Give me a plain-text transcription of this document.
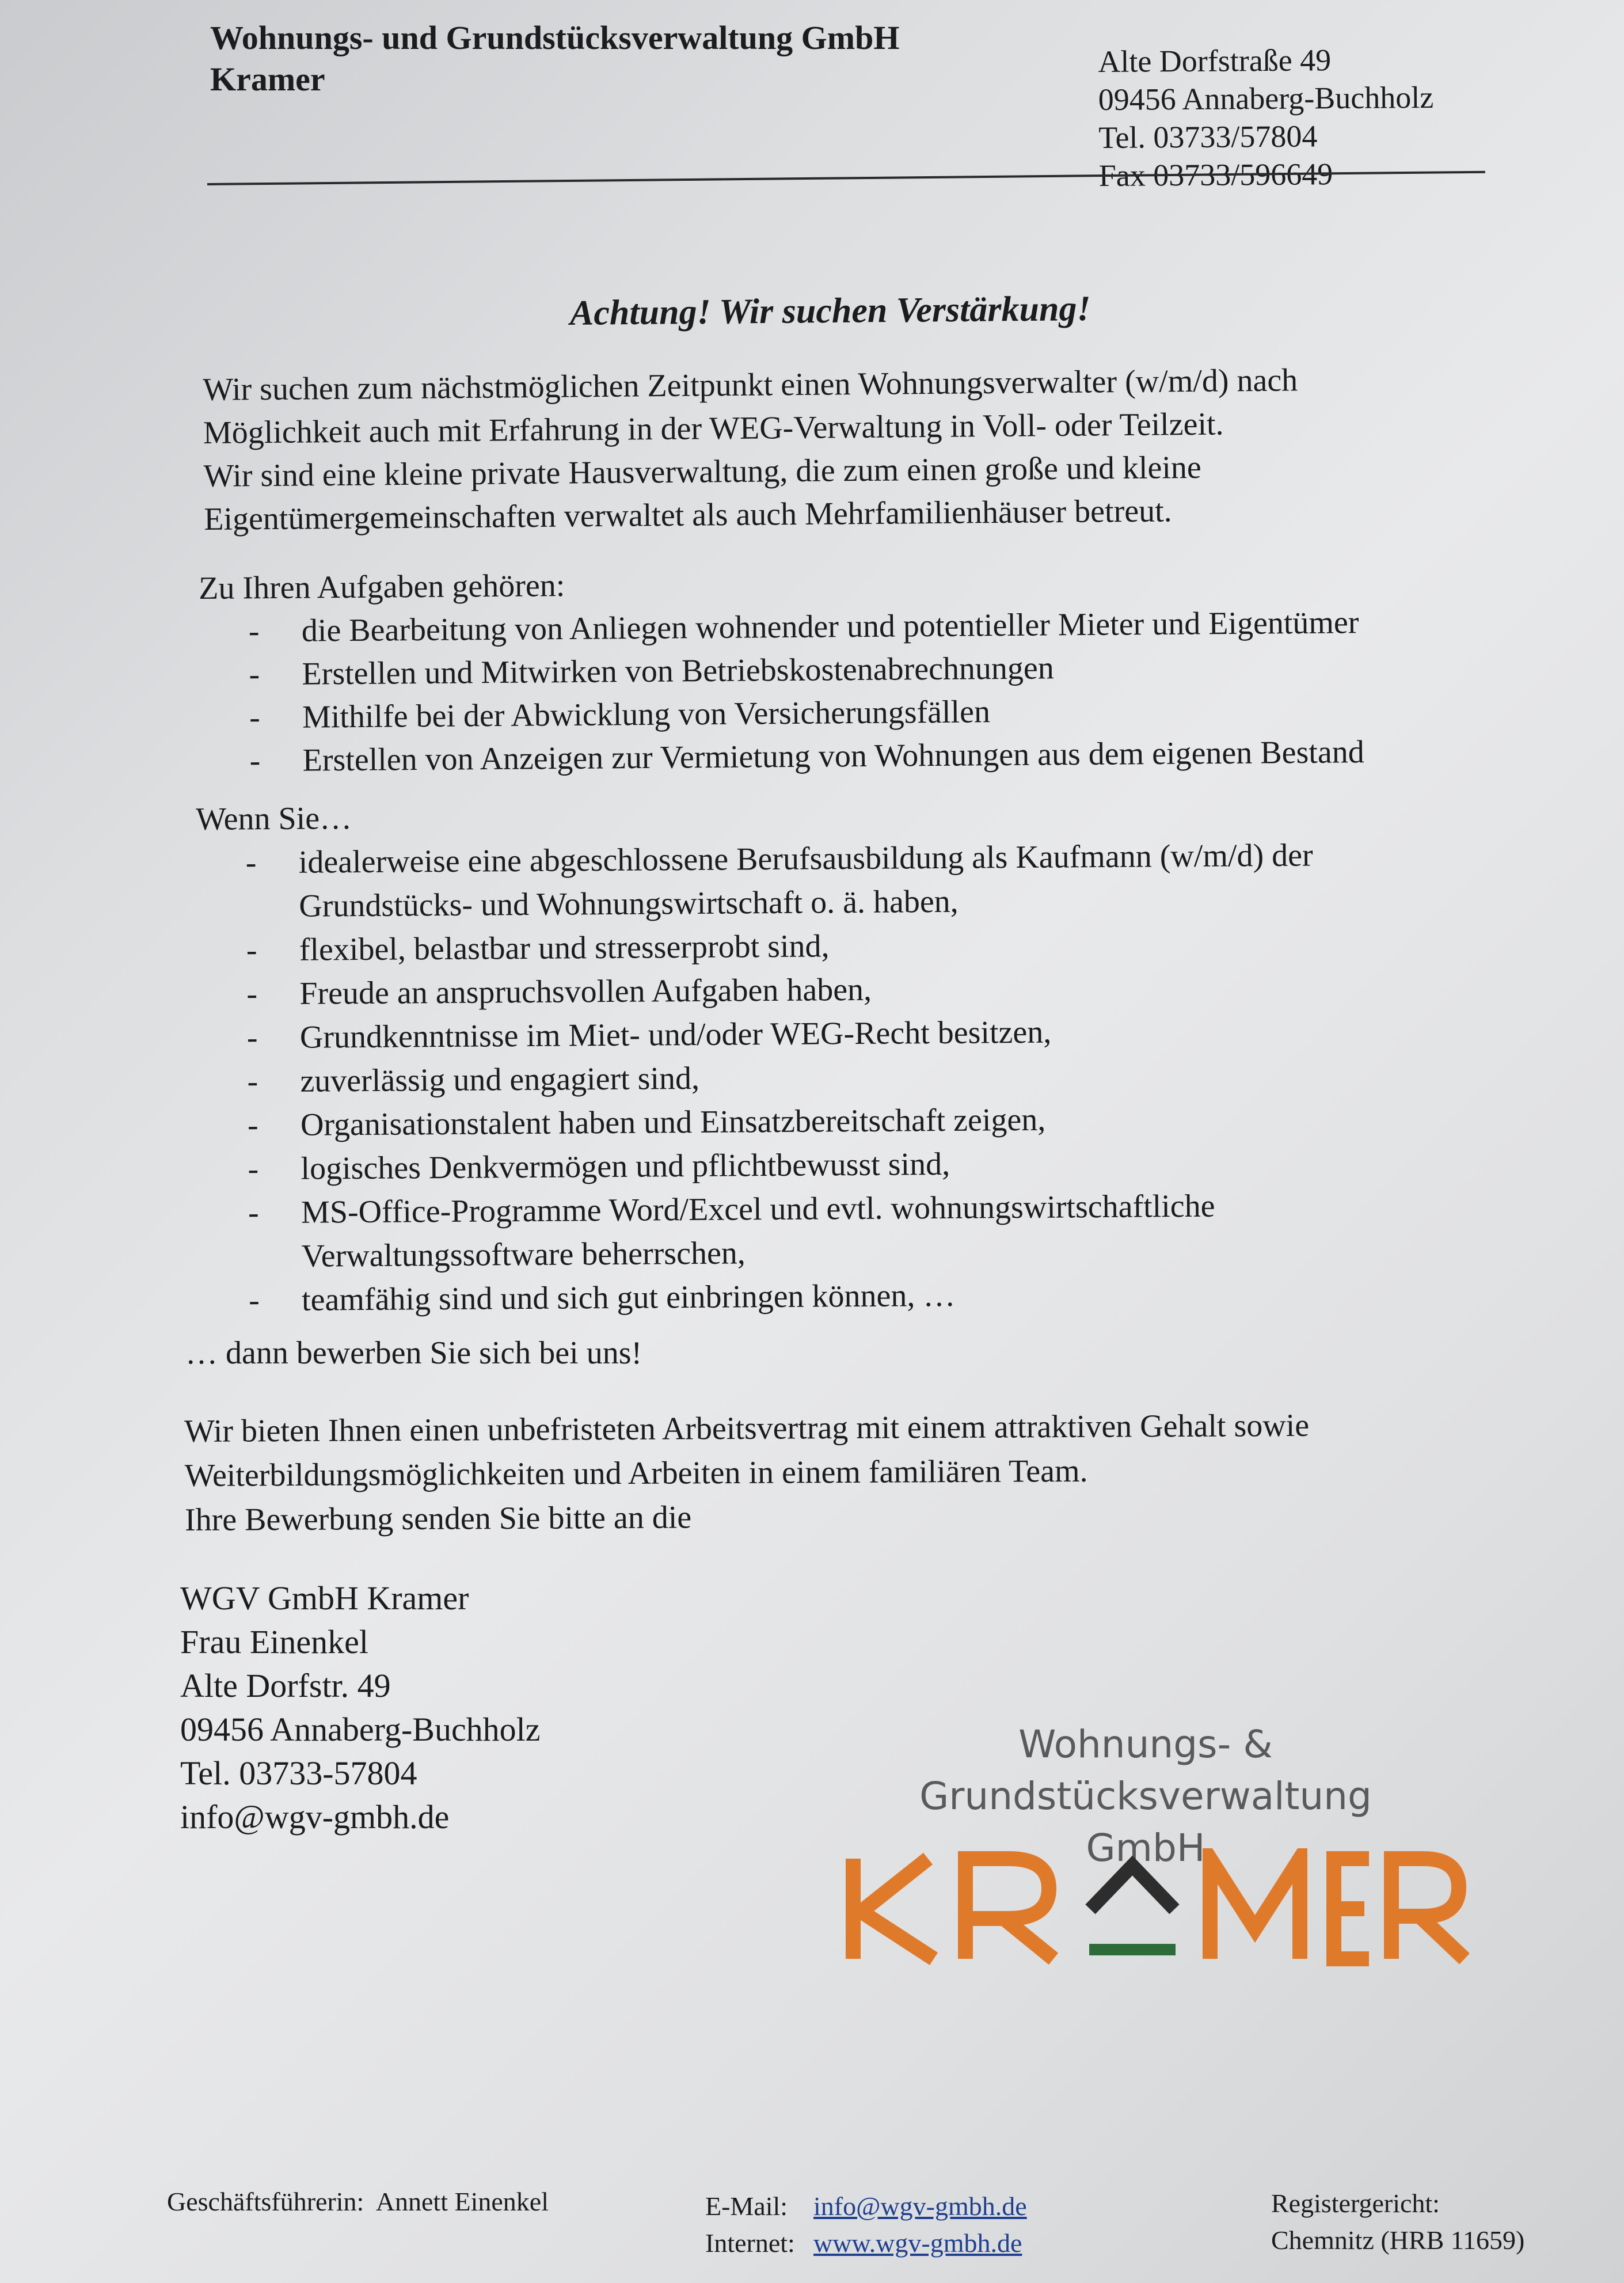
Wohnungs- und Grundstücksverwaltung GmbH
Kramer	Alte Dorfstraße 49
09456 Annaberg-Buchholz
Tel. 03733/57804
Fax 03733/596649
Achtung! Wir suchen Verstärkung!

Wir suchen zum nächstmöglichen Zeitpunkt einen Wohnungsverwalter (w/m/d) nach

Möglichkeit auch mit Erfahrung in der WEG-Verwaltung in Voll- oder Teilzeit.

Wir sind eine kleine private Hausverwaltung, die zum einen große und kleine

Eigentümergemeinschaften verwaltet als auch Mehrfamilienhäuser betreut.

Zu Ihren Aufgaben gehören:

- die Bearbeitung von Anliegen wohnender und potentieller Mieter und Eigentümer
- Erstellen und Mitwirken von Betriebskostenabrechnungen
- Mithilfe bei der Abwicklung von Versicherungsfällen
- Erstellen von Anzeigen zur Vermietung von Wohnungen aus dem eigenen Bestand

Wenn Sie…

- idealerweise eine abgeschlossene Berufsausbildung als Kaufmann (w/m/d) der
Grundstücks- und Wohnungswirtschaft o. ä. haben,
- flexibel, belastbar und stresserprobt sind,
- Freude an anspruchsvollen Aufgaben haben,
- Grundkenntnisse im Miet- und/oder WEG-Recht besitzen,
- zuverlässig und engagiert sind,
- Organisationstalent haben und Einsatzbereitschaft zeigen,
- logisches Denkvermögen und pflichtbewusst sind,
- MS-Office-Programme Word/Excel und evtl. wohnungswirtschaftliche
Verwaltungssoftware beherrschen,
- teamfähig sind und sich gut einbringen können, …

… dann bewerben Sie sich bei uns!

Wir bieten Ihnen einen unbefristeten Arbeitsvertrag mit einem attraktiven Gehalt sowie

Weiterbildungsmöglichkeiten und Arbeiten in einem familiären Team.

Ihre Bewerbung senden Sie bitte an die

WGV GmbH Kramer
Frau Einenkel
Alte Dorfstr. 49
09456 Annaberg-Buchholz
Tel. 03733-57804
info@wgv-gmbh.de
Wohnungs- &
Grundstücksverwaltung GmbH
Geschäftsführerin: Annett Einenkel	E-Mail: info@wgv-gmbh.de
Internet: www.wgv-gmbh.de
Registergericht:
Chemnitz (HRB 11659)
